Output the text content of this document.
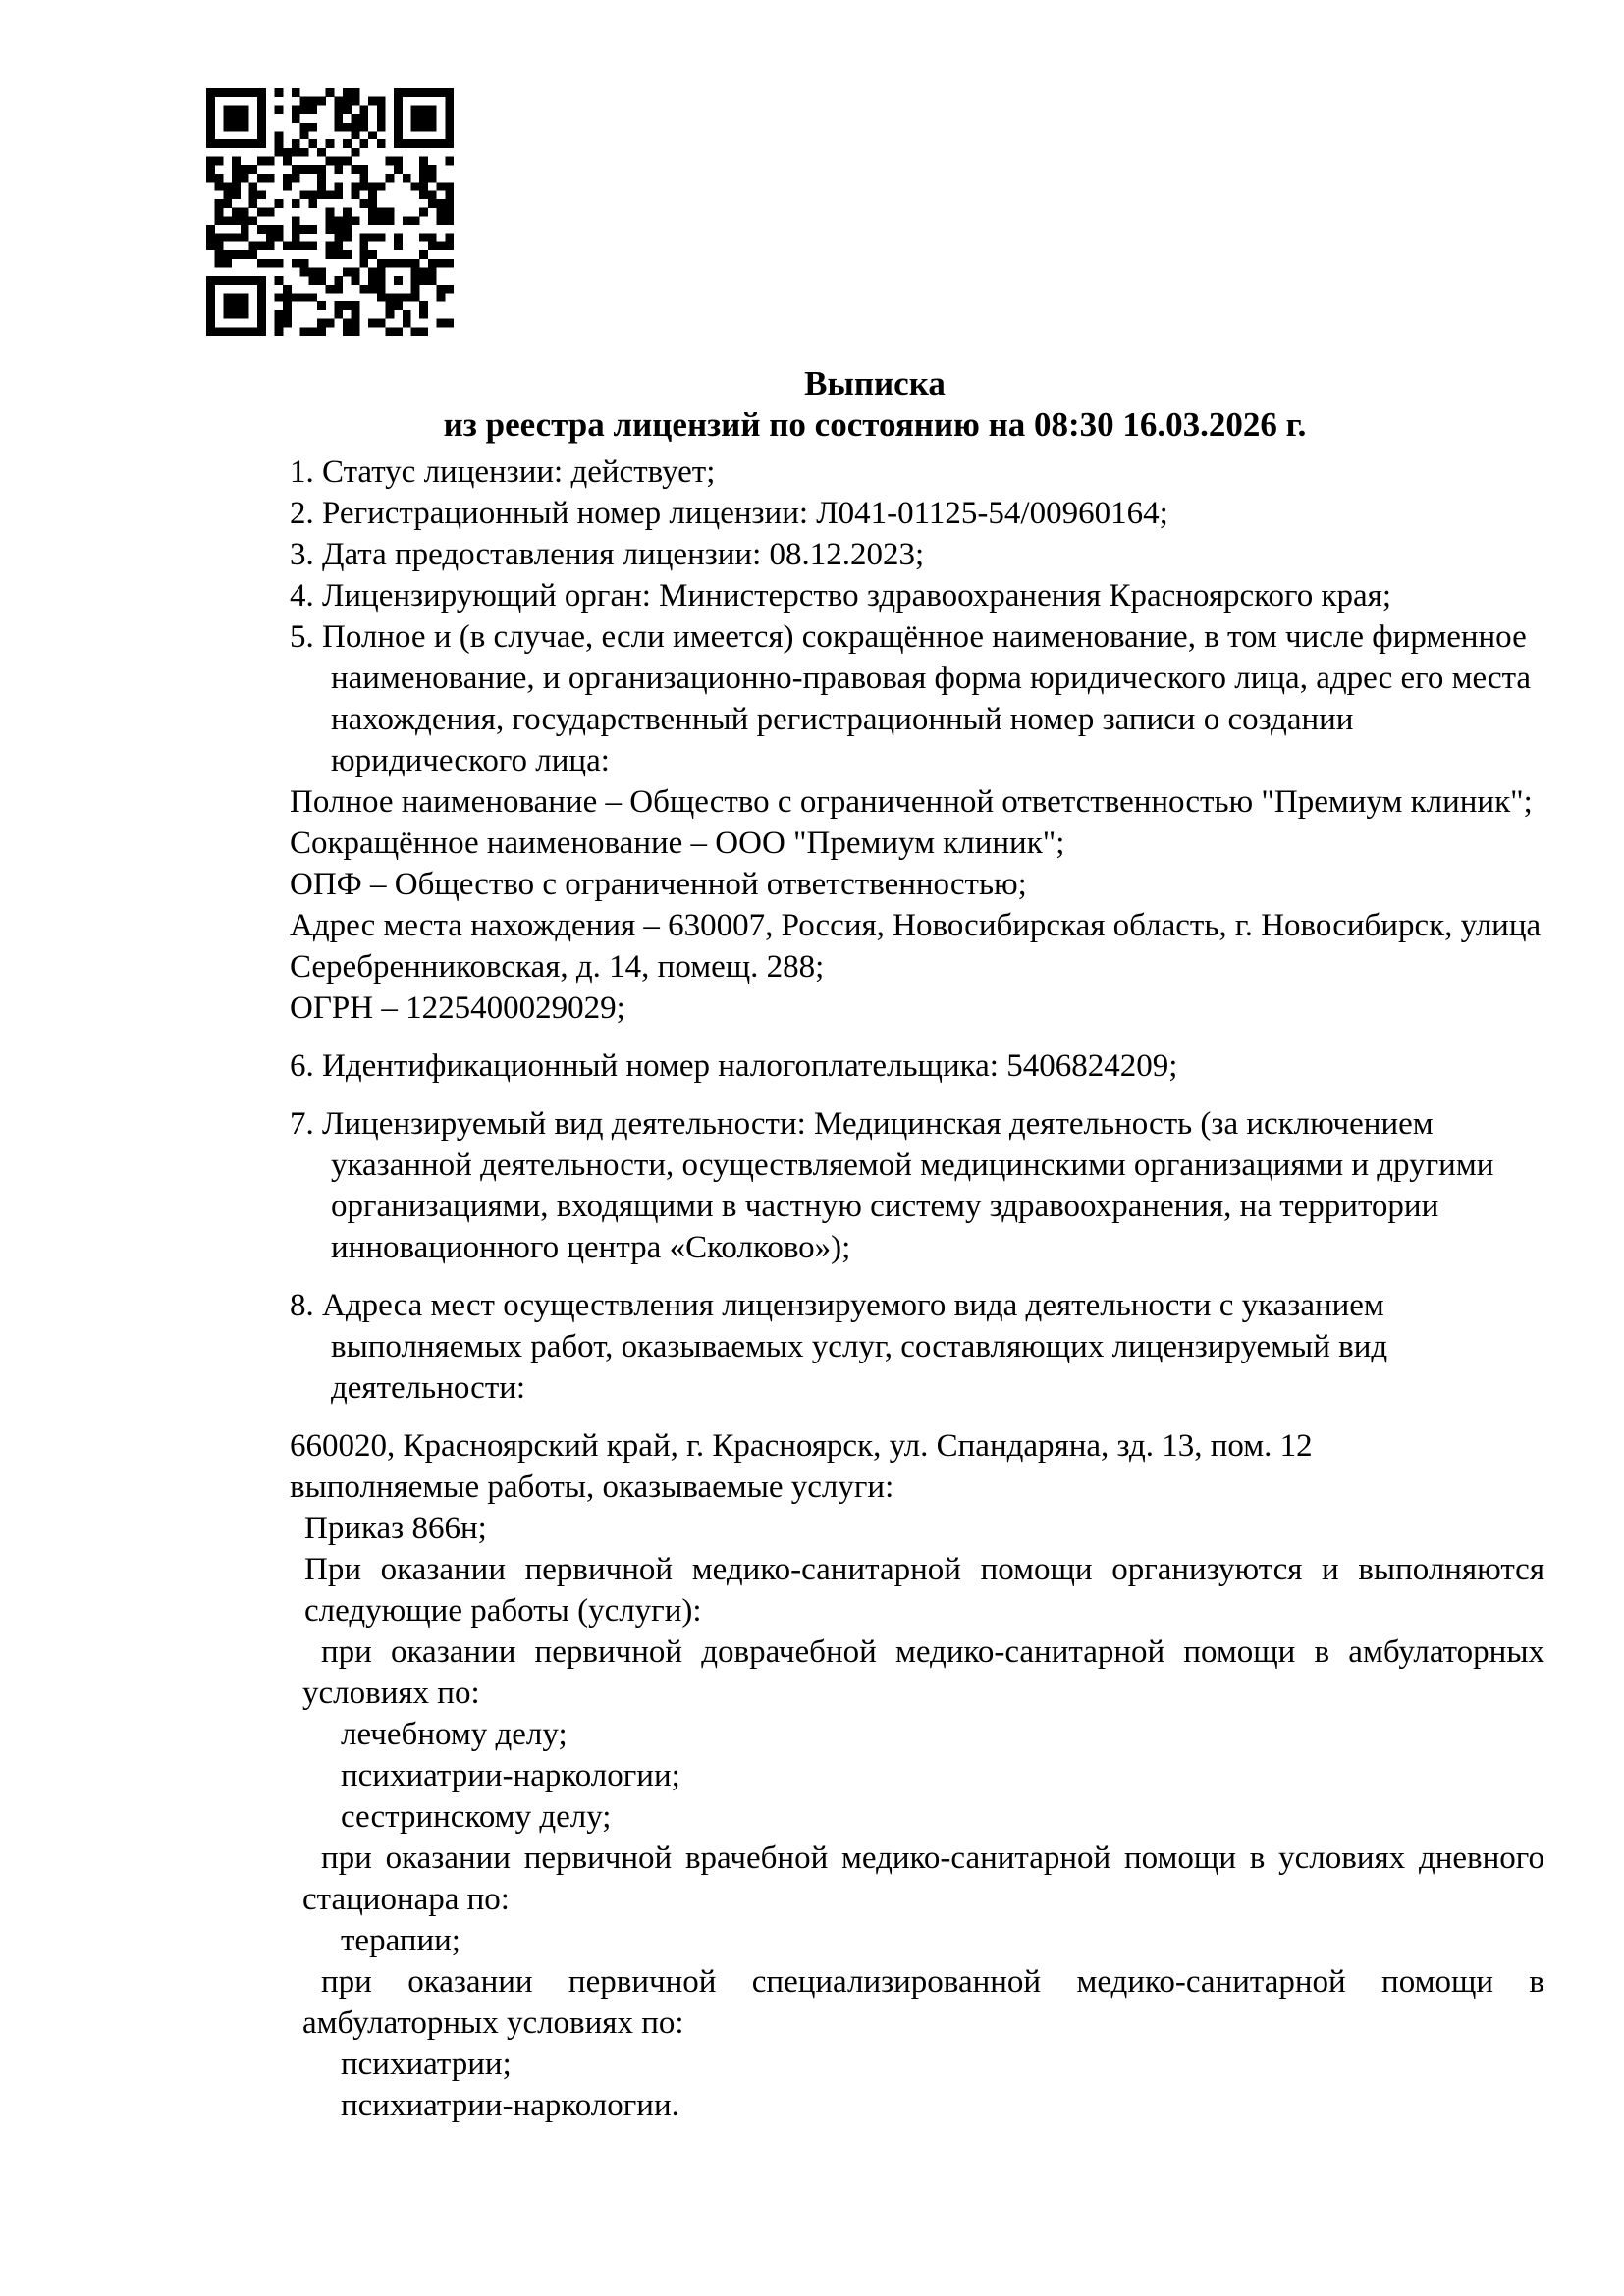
Выписка
из реестра лицензий по состоянию на 08:30 16.03.2026 г.
1. Статус лицензии: действует;
2. Регистрационный номер лицензии: Л041-01125-54/00960164;
3. Дата предоставления лицензии: 08.12.2023;
4. Лицензирующий орган: Министерство здравоохранения Красноярского края;
5. Полное и (в случае, если имеется) сокращённое наименование, в том числе фирменное наименование, и организационно-правовая форма юридического лица, адрес его места нахождения, государственный регистрационный номер записи о создании юридического лица:
Полное наименование – Общество с ограниченной ответственностью "Премиум клиник";
Сокращённое наименование – ООО "Премиум клиник";
ОПФ – Общество с ограниченной ответственностью;
Адрес места нахождения – 630007, Россия, Новосибирская область, г. Новосибирск, улица Серебренниковская, д. 14, помещ. 288;
ОГРН – 1225400029029;
6. Идентификационный номер налогоплательщика: 5406824209;
7. Лицензируемый вид деятельности: Медицинская деятельность (за исключением указанной деятельности, осуществляемой медицинскими организациями и другими организациями, входящими в частную систему здравоохранения, на территории инновационного центра «Сколково»);
8. Адреса мест осуществления лицензируемого вида деятельности с указанием выполняемых работ, оказываемых услуг, составляющих лицензируемый вид деятельности:
660020, Красноярский край, г. Красноярск, ул. Спандаряна, зд. 13, пом. 12
выполняемые работы, оказываемые услуги:
Приказ 866н;
При оказании первичной медико-санитарной помощи организуются и выполняются следующие работы (услуги):
при оказании первичной доврачебной медико-санитарной помощи в амбулаторных условиях по:
лечебному делу;
психиатрии-наркологии;
сестринскому делу;
при оказании первичной врачебной медико-санитарной помощи в условиях дневного стационара по:
терапии;
при оказании первичной специализированной медико-санитарной помощи в амбулаторных условиях по:
психиатрии;
психиатрии-наркологии.
